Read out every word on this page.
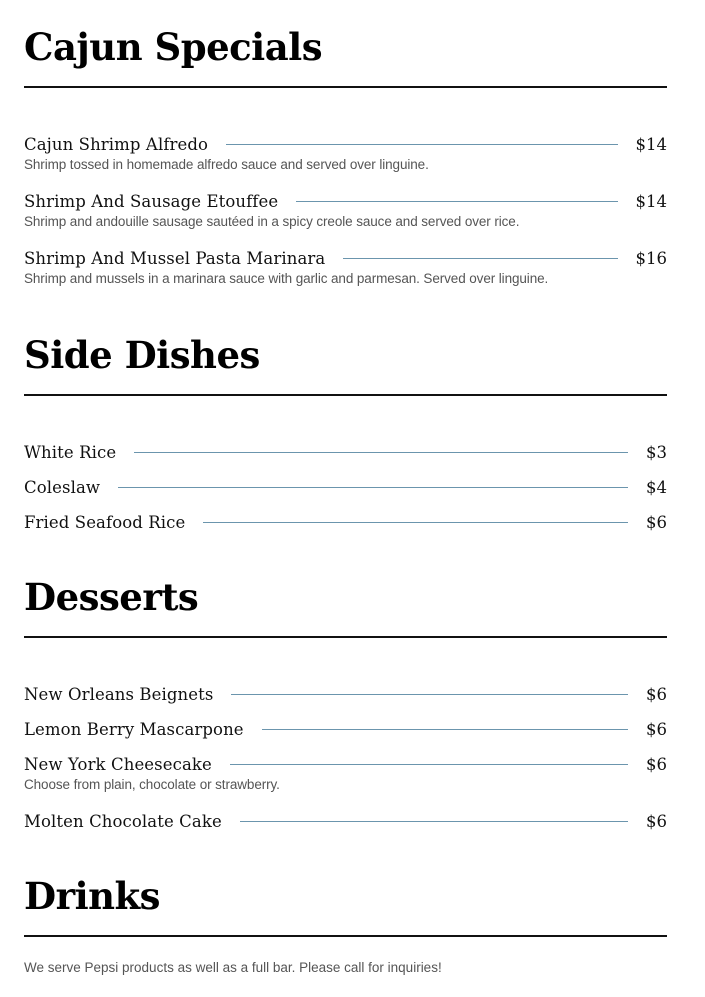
Cajun Specials
Cajun Shrimp Alfredo	$14
Shrimp tossed in homemade alfredo sauce and served over linguine.
Shrimp And Sausage Etouffee	$14
Shrimp and andouille sausage sautéed in a spicy creole sauce and served over rice.
Shrimp And Mussel Pasta Marinara	$16
Shrimp and mussels in a marinara sauce with garlic and parmesan. Served over linguine.
Side Dishes
White Rice	$3
Coleslaw	$4
Fried Seafood Rice	$6
Desserts
New Orleans Beignets	$6
Lemon Berry Mascarpone	$6
New York Cheesecake	$6
Choose from plain, chocolate or strawberry.
Molten Chocolate Cake	$6
Drinks
We serve Pepsi products as well as a full bar. Please call for inquiries!
